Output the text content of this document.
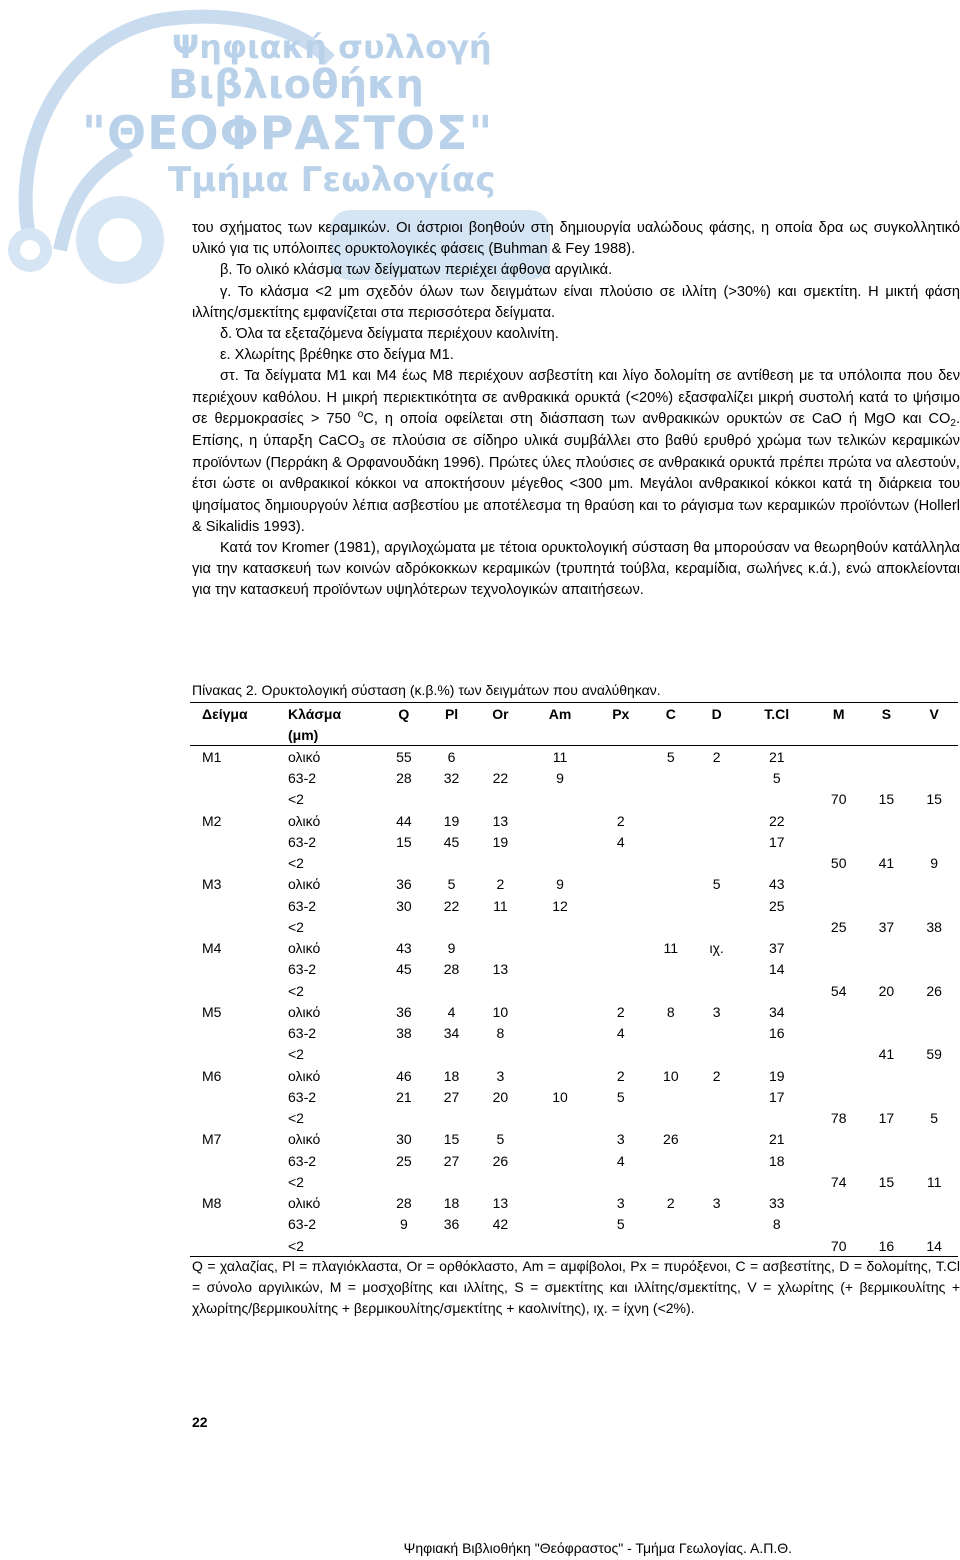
Ψηφιακή συλλογή
Βιβλιοθήκη
"ΘΕΟΦΡΑΣΤΟΣ"
Τμήμα Γεωλογίας

του σχήματος των κεραμικών. Οι άστριοι βοηθούν στη δημιουργία υαλώδους φάσης, η οποία δρα ως συγκολλητικό υλικό για τις υπόλοιπες ορυκτολογικές φάσεις (Buhman & Fey 1988).

β. Το ολικό κλάσμα των δείγματων περιέχει άφθονα αργιλικά.

γ. Το κλάσμα <2 μm σχεδόν όλων των δειγμάτων είναι πλούσιο σε ιλλίτη (>30%) και σμεκτίτη. Η μικτή φάση ιλλίτης/σμεκτίτης εμφανίζεται στα περισσότερα δείγματα.

δ. Όλα τα εξεταζόμενα δείγματα περιέχουν καολινίτη.

ε. Χλωρίτης βρέθηκε στο δείγμα Μ1.

στ. Τα δείγματα Μ1 και Μ4 έως Μ8 περιέχουν ασβεστίτη και λίγο δολομίτη σε αντίθεση με τα υπόλοιπα που δεν περιέχουν καθόλου. Η μικρή περιεκτικότητα σε ανθρακικά ορυκτά (<20%) εξασφαλίζει μικρή συστολή κατά το ψήσιμο σε θερμοκρασίες > 750 $^o$C, η οποία οφείλεται στη διάσπαση των ανθρακικών ορυκτών σε CaO ή MgO και $CO_2$. Επίσης, η ύπαρξη CaCO$_3$ σε πλούσια σε σίδηρο υλικά συμβάλλει στο βαθύ ερυθρό χρώμα των τελικών κεραμικών προϊόντων (Περράκη & Ορφανουδάκη 1996). Πρώτες ύλες πλούσιες σε ανθρακικά ορυκτά πρέπει πρώτα να αλεστούν, έτσι ώστε οι ανθρακικοί κόκκοι να αποκτήσουν μέγεθος <300 μm. Μεγάλοι ανθρακικοί κόκκοι κατά τη διάρκεια του ψησίματος δημιουργούν λέπια ασβεστίου με αποτέλεσμα τη θραύση και το ράγισμα των κεραμικών προϊόντων (Hollerl & Sikalidis 1993).

Κατά τον Kromer (1981), αργιλοχώματα με τέτοια ορυκτολογική σύσταση θα μπορούσαν να θεωρηθούν κατάλληλα για την κατασκευή των κοινών αδρόκοκκων κεραμικών (τρυπητά τούβλα, κεραμίδια, σωλήνες κ.ά.), ενώ αποκλείονται για την κατασκευή προϊόντων υψηλότερων τεχνολογικών απαιτήσεων.

Πίνακας 2. Ορυκτολογική σύσταση (κ.β.%) των δειγμάτων που αναλύθηκαν.
Δείγμα	Κλάσμα	Q	Pl	Or	Am	Px	C	D	T.Cl	M	S	V
	(μm)											
M1	ολικό	55	6		11		5	2	21			
	63-2	28	32	22	9				5			
	<2									70	15	15
M2	ολικό	44	19	13		2			22			
	63-2	15	45	19		4			17			
	<2									50	41	9
M3	ολικό	36	5	2	9			5	43			
	63-2	30	22	11	12				25			
	<2									25	37	38
M4	ολικό	43	9				11	ιχ.	37			
	63-2	45	28	13					14			
	<2									54	20	26
M5	ολικό	36	4	10		2	8	3	34			
	63-2	38	34	8		4			16			
	<2										41	59
M6	ολικό	46	18	3		2	10	2	19			
	63-2	21	27	20	10	5			17			
	<2									78	17	5
M7	ολικό	30	15	5		3	26		21			
	63-2	25	27	26		4			18			
	<2									74	15	11
M8	ολικό	28	18	13		3	2	3	33			
	63-2	9	36	42		5			8			
	<2									70	16	14
Q = χαλαζίας, Pl = πλαγιόκλαστα, Or = ορθόκλαστο, Am = αμφίβολοι, Px = πυρόξενοι, C = ασβεστίτης, D = δολομίτης, T.Cl = σύνολο αργιλικών, M = μοσχοβίτης και ιλλίτης, S = σμεκτίτης και ιλλίτης/σμεκτίτης, V = χλωρίτης (+ βερμικουλίτης + χλωρίτης/βερμικουλίτης + βερμικουλίτης/σμεκτίτης + καολινίτης), ιχ. = ίχνη (<2%).
22
Ψηφιακή Βιβλιοθήκη "Θεόφραστος" - Τμήμα Γεωλογίας. Α.Π.Θ.
